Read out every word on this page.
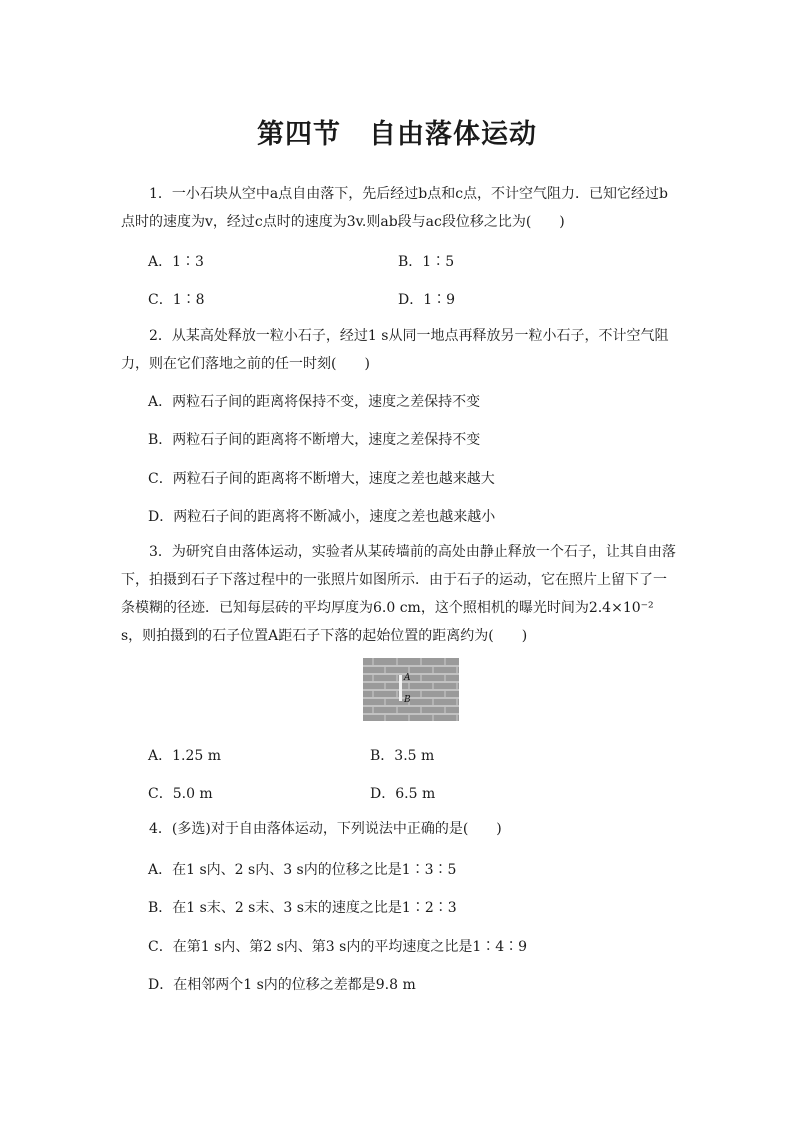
第四节　自由落体运动

1．一小石块从空中a点自由落下，先后经过b点和c点，不计空气阻力．已知它经过b点时的速度为v，经过c点时的速度为3v.则ab段与ac段位移之比为(　　)

A．1∶3	B．1∶5

C．1∶8	D．1∶9

2．从某高处释放一粒小石子，经过1 s从同一地点再释放另一粒小石子，不计空气阻力，则在它们落地之前的任一时刻(　　)

A．两粒石子间的距离将保持不变，速度之差保持不变

B．两粒石子间的距离将不断增大，速度之差保持不变

C．两粒石子间的距离将不断增大，速度之差也越来越大

D．两粒石子间的距离将不断减小，速度之差也越来越小

3．为研究自由落体运动，实验者从某砖墙前的高处由静止释放一个石子，让其自由落下，拍摄到石子下落过程中的一张照片如图所示．由于石子的运动，它在照片上留下了一条模糊的径迹．已知每层砖的平均厚度为6.0 cm，这个照相机的曝光时间为2.4×10⁻² s，则拍摄到的石子位置A距石子下落的起始位置的距离约为(　　)

A
B

A．1.25 m	B．3.5 m

C．5.0 m	D．6.5 m

4．(多选)对于自由落体运动，下列说法中正确的是(　　)

A．在1 s内、2 s内、3 s内的位移之比是1∶3∶5

B．在1 s末、2 s末、3 s末的速度之比是1∶2∶3

C．在第1 s内、第2 s内、第3 s内的平均速度之比是1∶4∶9

D．在相邻两个1 s内的位移之差都是9.8 m
